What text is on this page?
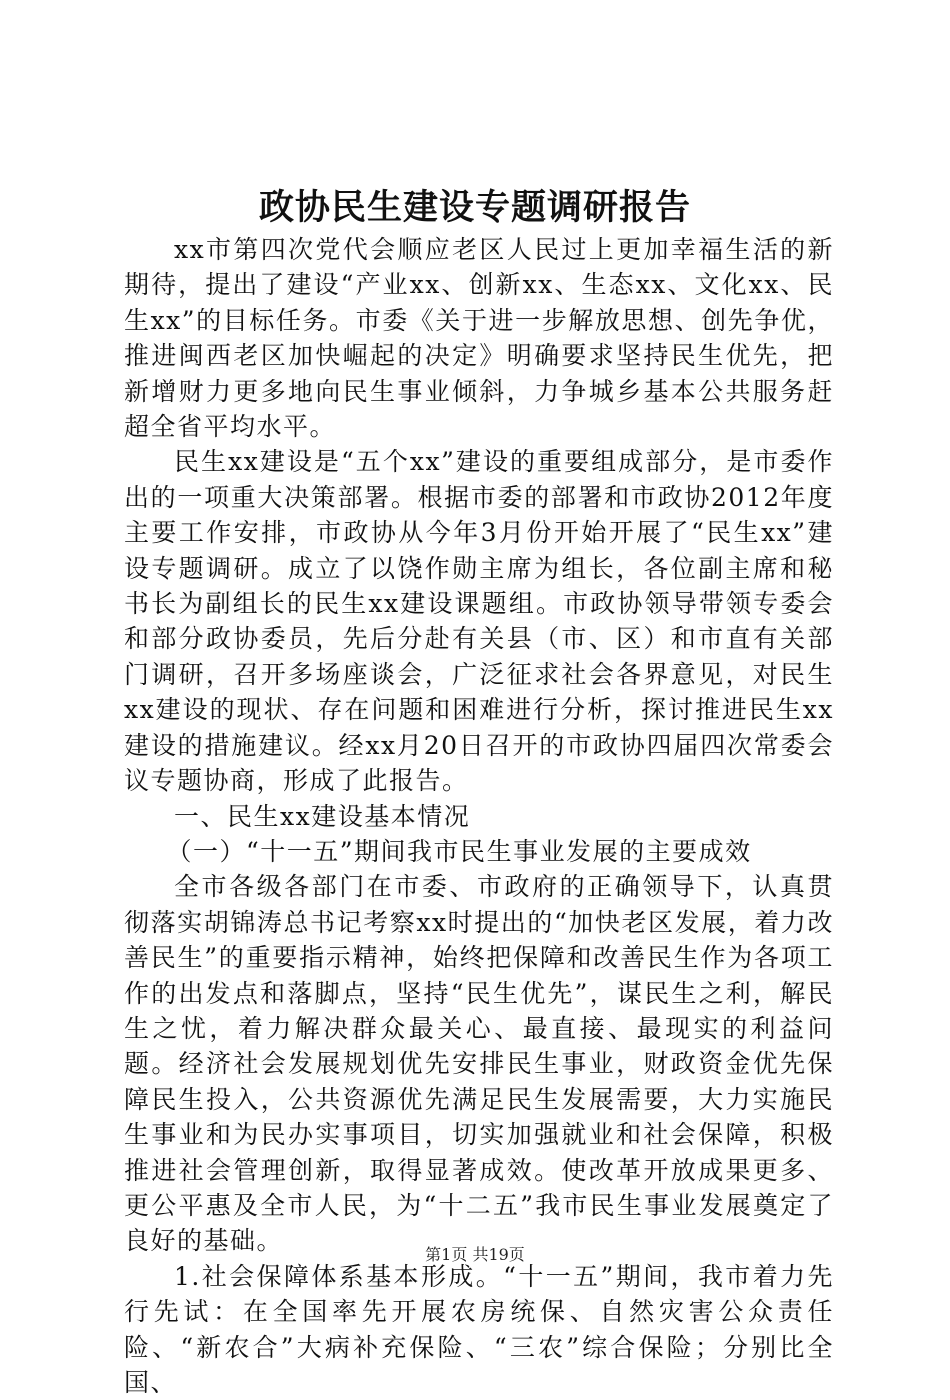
政协民生建设专题调研报告

xx市第四次党代会顺应老区人民过上更加幸福生活的新期待，提出了建设“产业xx、创新xx、生态xx、文化xx、民生xx”的目标任务。市委《关于进一步解放思想、创先争优，推进闽西老区加快崛起的决定》明确要求坚持民生优先，把新增财力更多地向民生事业倾斜，力争城乡基本公共服务赶超全省平均水平。

民生xx建设是“五个xx”建设的重要组成部分，是市委作出的一项重大决策部署。根据市委的部署和市政协2012年度主要工作安排，市政协从今年3月份开始开展了“民生xx”建设专题调研。成立了以饶作勋主席为组长，各位副主席和秘书长为副组长的民生xx建设课题组。市政协领导带领专委会和部分政协委员，先后分赴有关县（市、区）和市直有关部门调研，召开多场座谈会，广泛征求社会各界意见，对民生xx建设的现状、存在问题和困难进行分析，探讨推进民生xx建设的措施建议。经xx月20日召开的市政协四届四次常委会议专题协商，形成了此报告。

一、民生xx建设基本情况

（一）“十一五”期间我市民生事业发展的主要成效

全市各级各部门在市委、市政府的正确领导下，认真贯彻落实胡锦涛总书记考察xx时提出的“加快老区发展，着力改善民生”的重要指示精神，始终把保障和改善民生作为各项工作的出发点和落脚点，坚持“民生优先”，谋民生之利，解民生之忧，着力解决群众最关心、最直接、最现实的利益问题。经济社会发展规划优先安排民生事业，财政资金优先保障民生投入，公共资源优先满足民生发展需要，大力实施民生事业和为民办实事项目，切实加强就业和社会保障，积极推进社会管理创新，取得显著成效。使改革开放成果更多、更公平惠及全市人民，为“十二五”我市民生事业发展奠定了良好的基础。

1.社会保障体系基本形成。“十一五”期间，我市着力先行先试：在全国率先开展农房统保、自然灾害公众责任险、“新农合”大病补充保险、“三农”综合保险；分别比全国、

第1页 共19页
